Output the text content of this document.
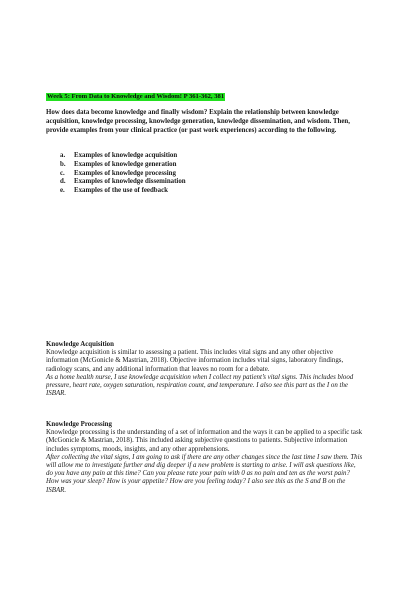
Week 5: From Data to Knowledge and Wisdom! P 361-362, 381
How does data become knowledge and finally wisdom? Explain the relationship between knowledge acquisition, knowledge processing, knowledge generation, knowledge dissemination, and wisdom. Then, provide examples from your clinical practice (or past work experiences) according to the following.
a.	Examples of knowledge acquisition
b.	Examples of knowledge generation
c.	Examples of knowledge processing
d.	Examples of knowledge dissemination
e.	Examples of the use of feedback
Knowledge Acquisition

Knowledge acquisition is similar to assessing a patient. This includes vital signs and any other objective information (McGonicle & Mastrian, 2018). Objective information includes vital signs, laboratory findings, radiology scans, and any additional information that leaves no room for a debate.

As a home health nurse, I use knowledge acquisition when I collect my patient’s vital signs. This includes blood pressure, heart rate, oxygen saturation, respiration count, and temperature. I also see this part as the I on the ISBAR.

Knowledge Processing

Knowledge processing is the understanding of a set of information and the ways it can be applied to a specific task (McGonicle & Mastrian, 2018). This included asking subjective questions to patients. Subjective information includes symptoms, moods, insights, and any other apprehensions.

After collecting the vital signs, I am going to ask if there are any other changes since the last time I saw them. This will allow me to investigate further and dig deeper if a new problem is starting to arise. I will ask questions like, do you have any pain at this time? Can you please rate your pain with 0 as no pain and ten as the worst pain? How was your sleep? How is your appetite? How are you feeling today? I also see this as the S and B on the ISBAR.
